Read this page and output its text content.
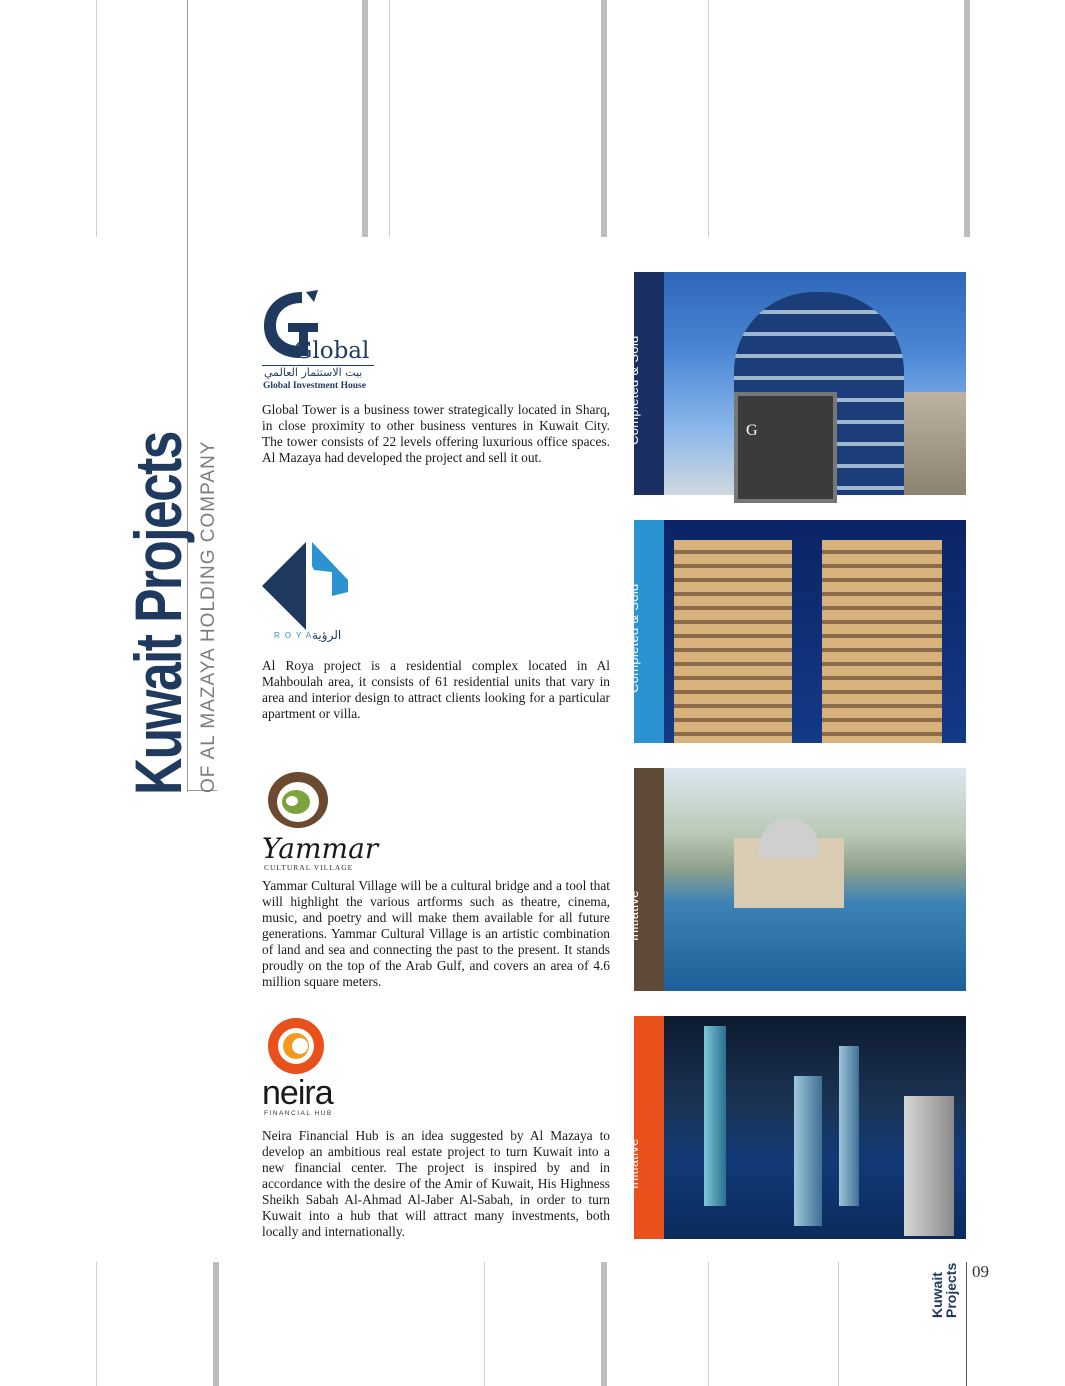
Kuwait Projects OF AL MAZAYA HOLDING COMPANY
Global
بيت الاستثمار العالمي
Global Investment House

Global Tower is a business tower strategically located in Sharq, in close proximity to other business ventures in Kuwait City. The tower consists of 22 levels offering luxurious office spaces. Al Mazaya had developed the project and sell it out.

Completed & Sold	G
ROYA
الرؤية

Al Roya project is a residential complex located in Al Mahboulah area, it consists of 61 residential units that vary in area and interior design to attract clients looking for a particular apartment or villa.

Completed & Sold
Yammar
CULTURAL VILLAGE

Yammar Cultural Village will be a cultural bridge and a tool that will highlight the various artforms such as theatre, cinema, music, and poetry and will make them available for all future generations. Yammar Cultural Village is an artistic combination of land and sea and connecting the past to the present. It stands proudly on the top of the Arab Gulf, and covers an area of 4.6 million square meters.

Initiative
neira
FINANCIAL HUB

Neira Financial Hub is an idea suggested by Al Mazaya to develop an ambitious real estate project to turn Kuwait into a new financial center. The project is inspired by and in accordance with the desire of the Amir of Kuwait, His Highness Sheikh Sabah Al-Ahmad Al-Jaber Al-Sabah, in order to turn Kuwait into a hub that will attract many investments, both locally and internationally.

Initiative
Kuwait
Projects 09
